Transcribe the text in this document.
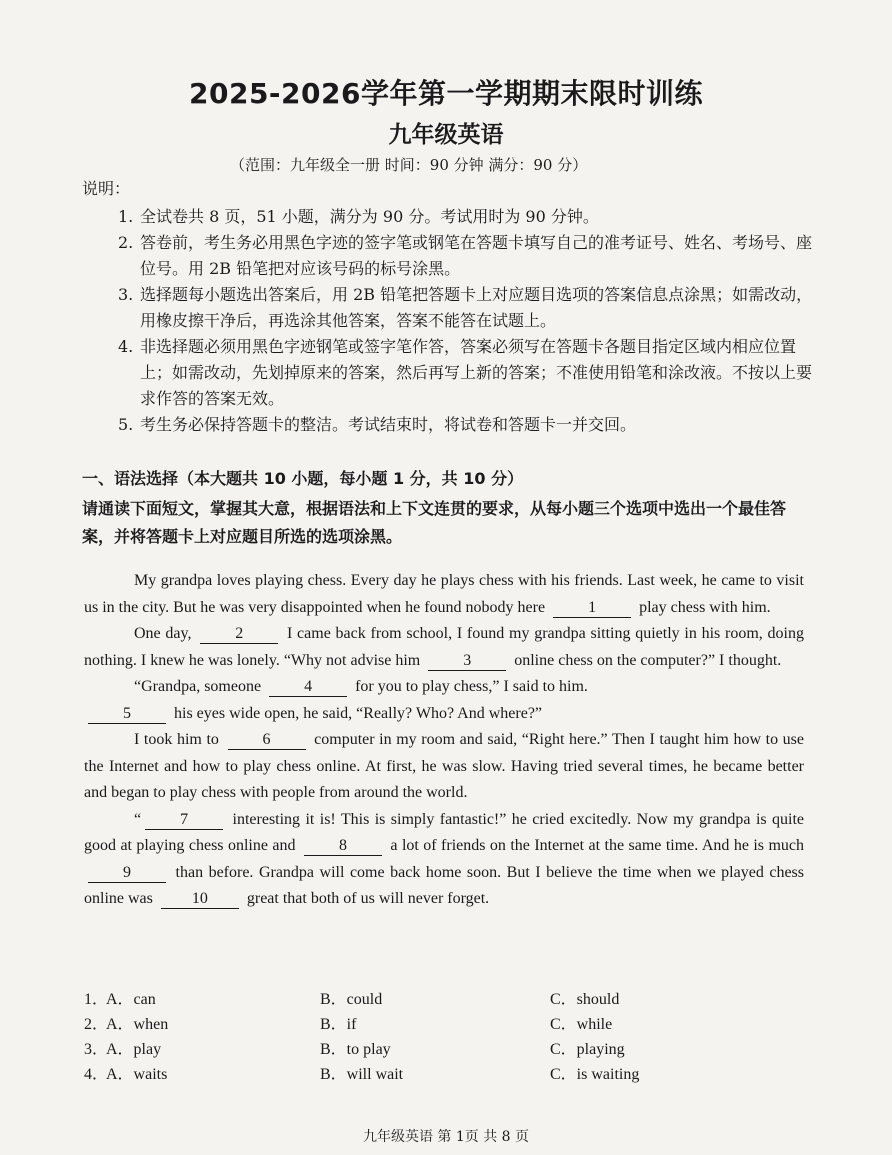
2025-2026学年第一学期期末限时训练
九年级英语
（范围：九年级全一册 时间：90 分钟 满分：90 分）
说明：
1. 全试卷共 8 页，51 小题，满分为 90 分。考试用时为 90 分钟。
2. 答卷前，考生务必用黑色字迹的签字笔或钢笔在答题卡填写自己的准考证号、姓名、考场号、座位号。用 2B 铅笔把对应该号码的标号涂黑。
3. 选择题每小题选出答案后，用 2B 铅笔把答题卡上对应题目选项的答案信息点涂黑；如需改动，用橡皮擦干净后，再选涂其他答案，答案不能答在试题上。
4. 非选择题必须用黑色字迹钢笔或签字笔作答，答案必须写在答题卡各题目指定区域内相应位置上；如需改动，先划掉原来的答案，然后再写上新的答案；不准使用铅笔和涂改液。不按以上要求作答的答案无效。
5. 考生务必保持答题卡的整洁。考试结束时，将试卷和答题卡一并交回。
一、语法选择（本大题共 10 小题，每小题 1 分，共 10 分）
请通读下面短文，掌握其大意，根据语法和上下文连贯的要求，从每小题三个选项中选出一个最佳答案，并将答题卡上对应题目所选的选项涂黑。

My grandpa loves playing chess. Every day he plays chess with his friends. Last week, he came to visit us in the city. But he was very disappointed when he found nobody here	1	play chess with him.

One day,	2	I came back from school, I found my grandpa sitting quietly in his room, doing nothing. I knew he was lonely. “Why not advise him	3	online chess on the computer?” I thought.

“Grandpa, someone	4	for you to play chess,” I said to him.

5	his eyes wide open, he said, “Really? Who? And where?”

I took him to	6	computer in my room and said, “Right here.” Then I taught him how to use the Internet and how to play chess online. At first, he was slow. Having tried several times, he became better and began to play chess with people from around the world.

“ 7	interesting it is! This is simply fantastic!” he cried excitedly. Now my grandpa is quite good at playing chess online and	8	a lot of friends on the Internet at the same time. And he is much 9	than before. Grandpa will come back home soon. But I believe the time when we played chess online was 10 great that both of us will never forget.

1．
A．can	B．could	C．should
2．
A．when	B．if	C．while
3．
A．play	B．to play	C．playing
4．
A．waits	B．will wait	C．is waiting
九年级英语 第 1页 共 8 页
